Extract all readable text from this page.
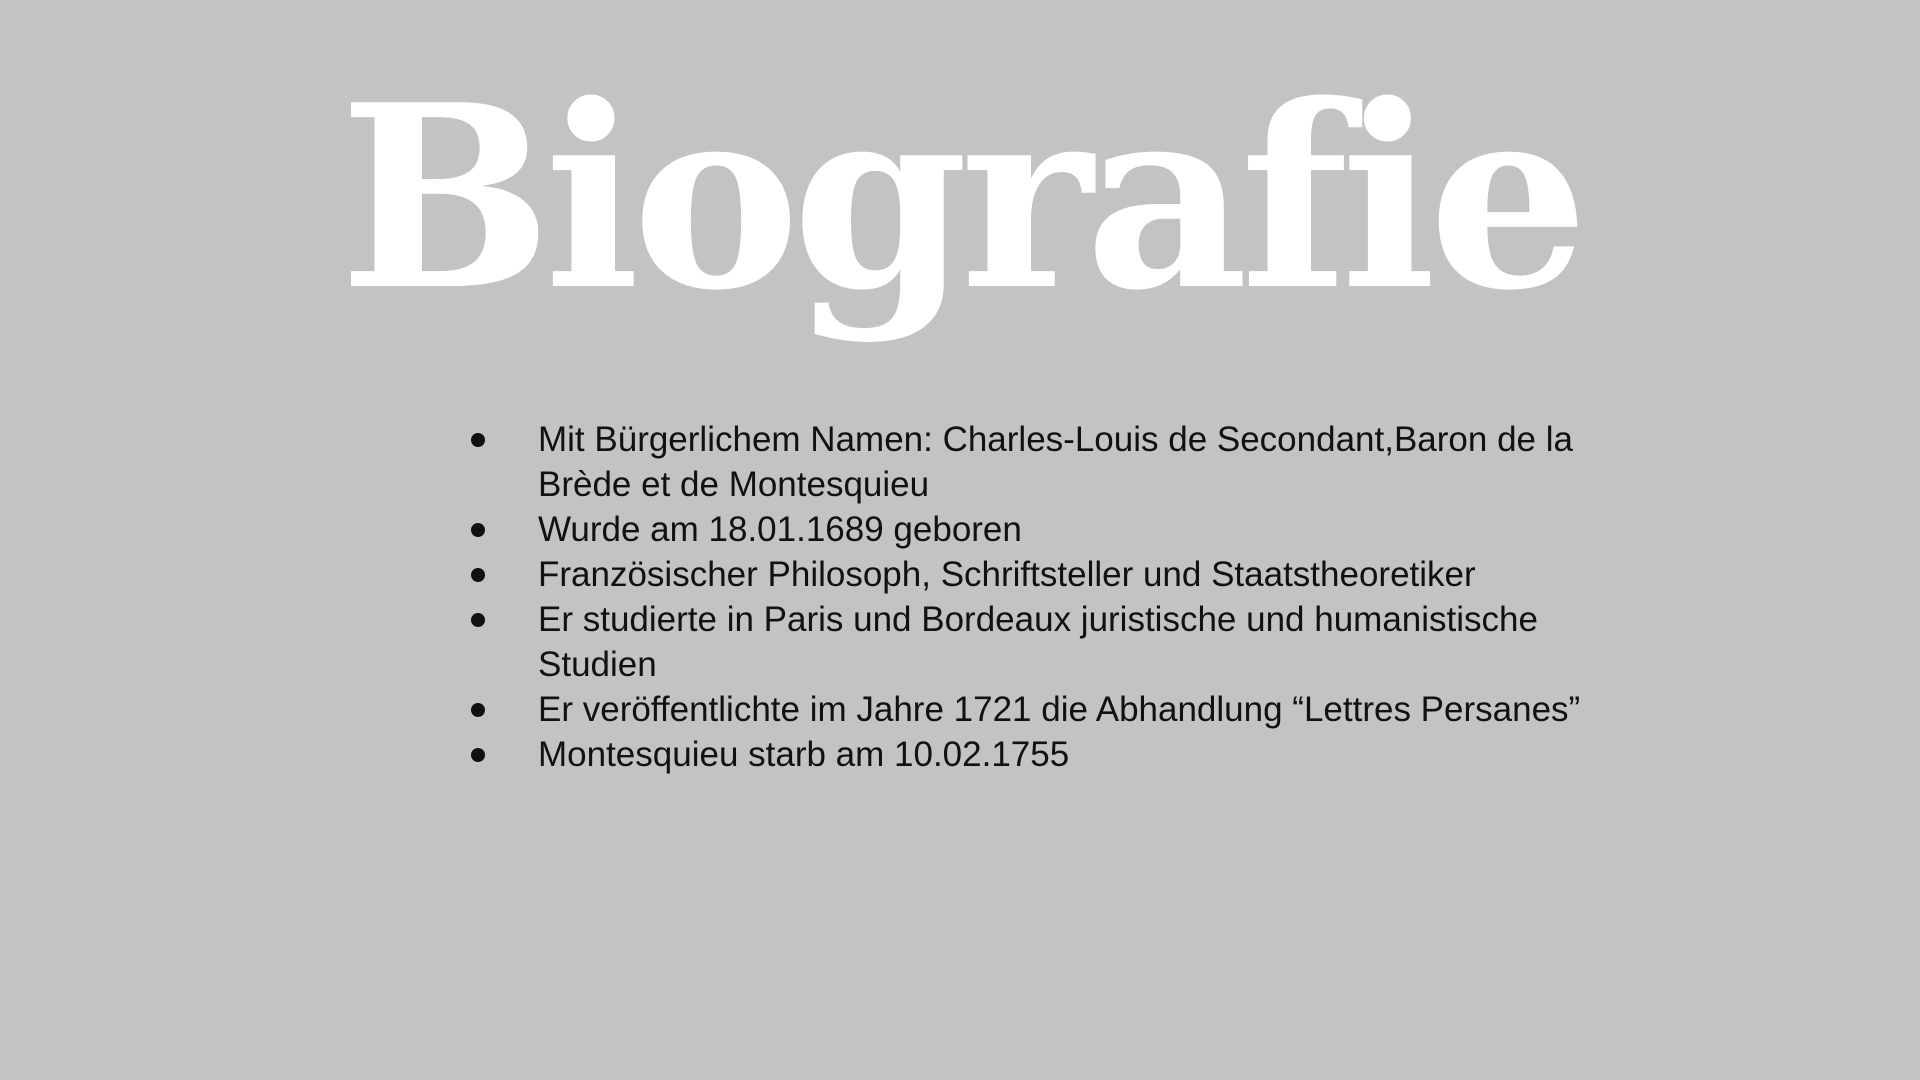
Biografie
Mit Bürgerlichem Namen: Charles-Louis de Secondant,Baron de la Brède et de Montesquieu
Wurde am 18.01.1689 geboren
Französischer Philosoph, Schriftsteller und Staatstheoretiker
Er studierte in Paris und Bordeaux juristische und humanistische Studien
Er veröffentlichte im Jahre 1721 die Abhandlung “Lettres Persanes”
Montesquieu starb am 10.02.1755
